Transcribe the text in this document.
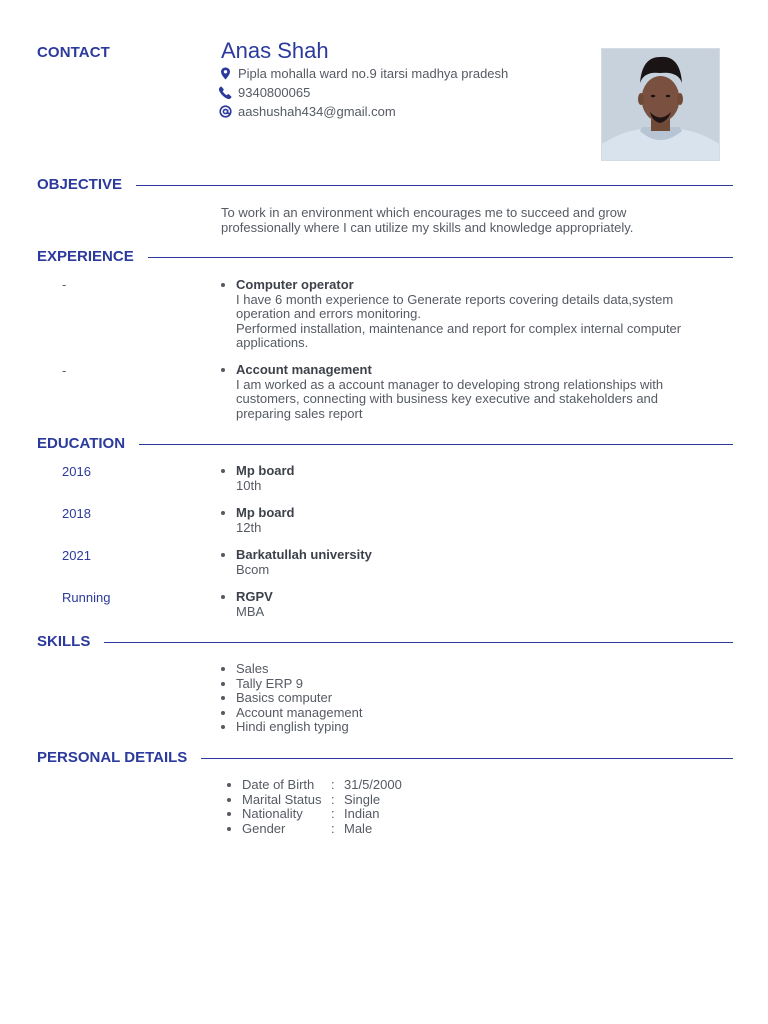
CONTACT	Anas Shah
Pipla mohalla ward no.9 itarsi madhya pradesh
9340800065
aashushah434@gmail.com
OBJECTIVE
To work in an environment which encourages me to succeed and grow professionally where I can utilize my skills and knowledge appropriately.
EXPERIENCE
-	• Computer operator
I have 6 month experience to Generate reports covering details data,system operation and errors monitoring.
Performed installation, maintenance and report for complex internal computer applications.
-	• Account management
I am worked as a account manager to developing strong relationships with customers, connecting with business key executive and stakeholders and preparing sales report
EDUCATION
2016	• Mp board
10th
2018	• Mp board
12th
2021	• Barkatullah university
Bcom
Running	• RGPV
MBA
SKILLS
• Sales
• Tally ERP 9
• Basics computer
• Account management
• Hindi english typing
PERSONAL DETAILS
• Date of Birth : 31/5/2000
• Marital Status : Single
• Nationality : Indian
• Gender	: Male
